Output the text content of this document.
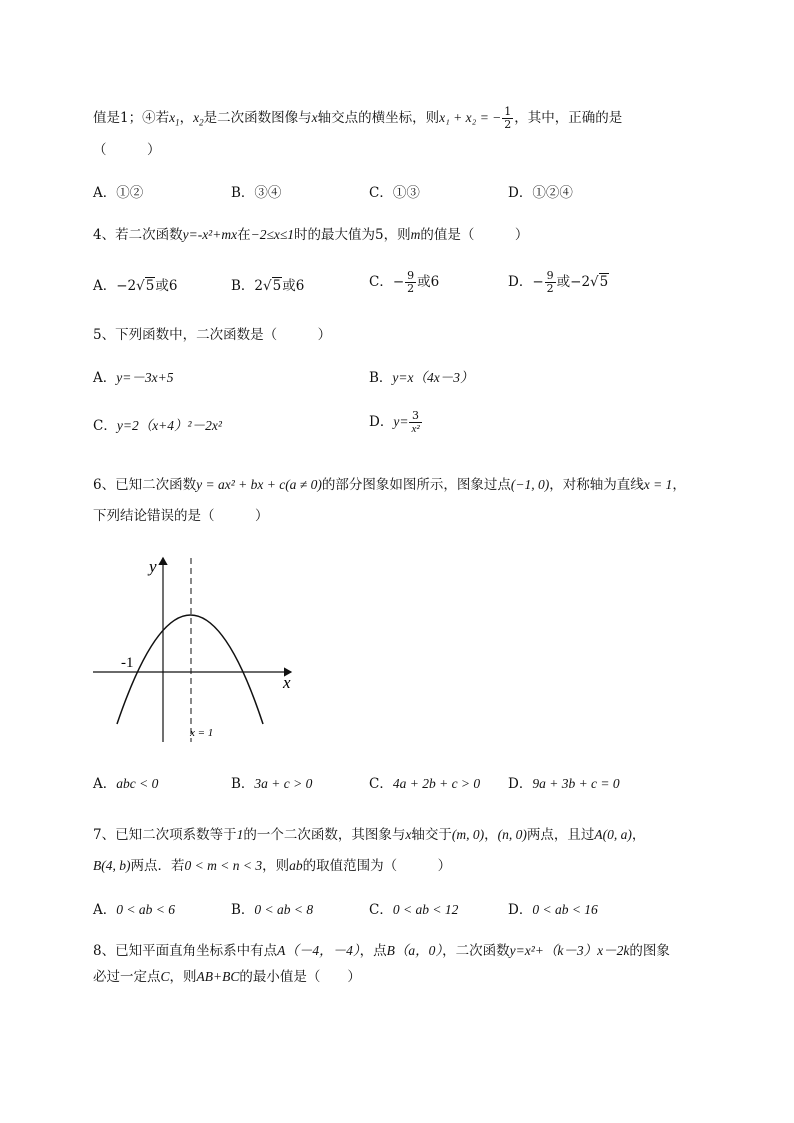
值是1；④若$x_1$，$x_2$是二次函数图像与x轴交点的横坐标，则x₁ + x₂ = − $\frac{1}{2}$ ，其中，正确的是
（　　　）
A．①②	B．③④	C．①③	D．①②④
4、若二次函数y=-x²+mx在−2≤x≤1时的最大值为5，则m的值是（　　　）
A．−2√5或6	B．2√5或6	C．− $\frac{9}{2}$ 或6	D．− $\frac{9}{2}$ 或−2√5
5、下列函数中，二次函数是（　　　）
A．y=－3x+5	B．y=x（4x－3）
C．y=2（x+4）²－2x²	D．$y= \frac{3}{\text{x²}}$
6、已知二次函数y = ax² + bx + c(a ≠ 0)的部分图象如图所示，图象过点(−1, 0)，对称轴为直线x = 1，
下列结论错误的是（　　　）
y
x
-1
x = 1
A．abc < 0	B．3a + c > 0	C．4a + 2b + c > 0 D．9a + 3b + c = 0
7、已知二次项系数等于1的一个二次函数，其图象与x轴交于(m, 0)，(n, 0)两点，且过A(0, a)，
B(4, b)两点．若0 < m < n < 3，则ab的取值范围为（　　　）
A．0 < ab < 6	B．0 < ab < 8	C．0 < ab < 12	D．0 < ab < 16
8、已知平面直角坐标系中有点A（－4，－4），点B（a，0），二次函数y=x²+（k－3）x－2k的图象
必过一定点C，则AB+BC的最小值是（　　）
